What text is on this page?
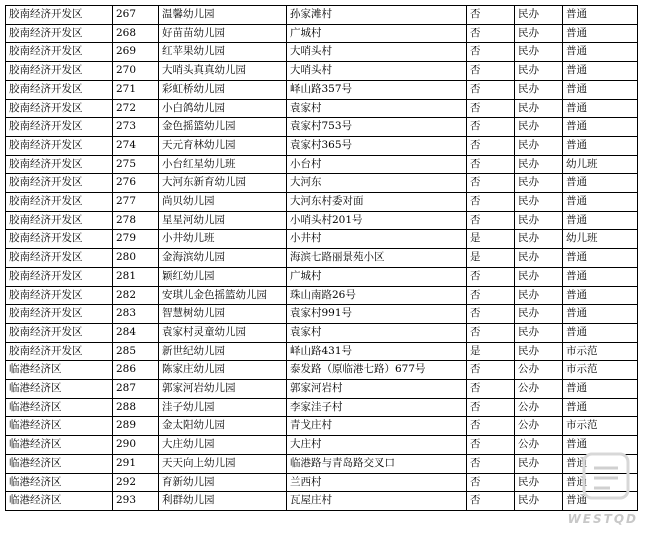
胶南经济开发区	267	温馨幼儿园	孙家滩村	否	民办	普通
胶南经济开发区	268	好苗苗幼儿园	广城村	否	民办	普通
胶南经济开发区	269	红苹果幼儿园	大哨头村	否	民办	普通
胶南经济开发区	270	大哨头真真幼儿园	大哨头村	否	民办	普通
胶南经济开发区	271	彩虹桥幼儿园	峄山路357号	否	民办	普通
胶南经济开发区	272	小白鸽幼儿园	袁家村	否	民办	普通
胶南经济开发区	273	金色摇篮幼儿园	袁家村753号	否	民办	普通
胶南经济开发区	274	天元育林幼儿园	袁家村365号	否	民办	普通
胶南经济开发区	275	小台红星幼儿班	小台村	否	民办	幼儿班
胶南经济开发区	276	大河东新育幼儿园	大河东	否	民办	普通
胶南经济开发区	277	尚贝幼儿园	大河东村委对面	否	民办	普通
胶南经济开发区	278	星星河幼儿园	小哨头村201号	否	民办	普通
胶南经济开发区	279	小井幼儿班	小井村	是	民办	幼儿班
胶南经济开发区	280	金海滨幼儿园	海滨七路丽景苑小区	是	民办	普通
胶南经济开发区	281	颖红幼儿园	广城村	否	民办	普通
胶南经济开发区	282	安琪儿金色摇篮幼儿园	珠山南路26号	否	民办	普通
胶南经济开发区	283	智慧树幼儿园	袁家村991号	否	民办	普通
胶南经济开发区	284	袁家村灵童幼儿园	袁家村	否	民办	普通
胶南经济开发区	285	新世纪幼儿园	峄山路431号	是	民办	市示范
临港经济区	286	陈家庄幼儿园	泰发路（原临港七路）677号	否	公办	市示范
临港经济区	287	郭家河岩幼儿园	郭家河岩村	否	公办	普通
临港经济区	288	洼子幼儿园	李家洼子村	否	公办	普通
临港经济区	289	金太阳幼儿园	青戈庄村	否	公办	市示范
临港经济区	290	大庄幼儿园	大庄村	否	公办	普通
临港经济区	291	天天向上幼儿园	临港路与青岛路交叉口	否	民办	普通
临港经济区	292	育新幼儿园	兰西村	否	民办	普通
临港经济区	293	利群幼儿园	瓦屋庄村	否	民办	普通
WESTQD
